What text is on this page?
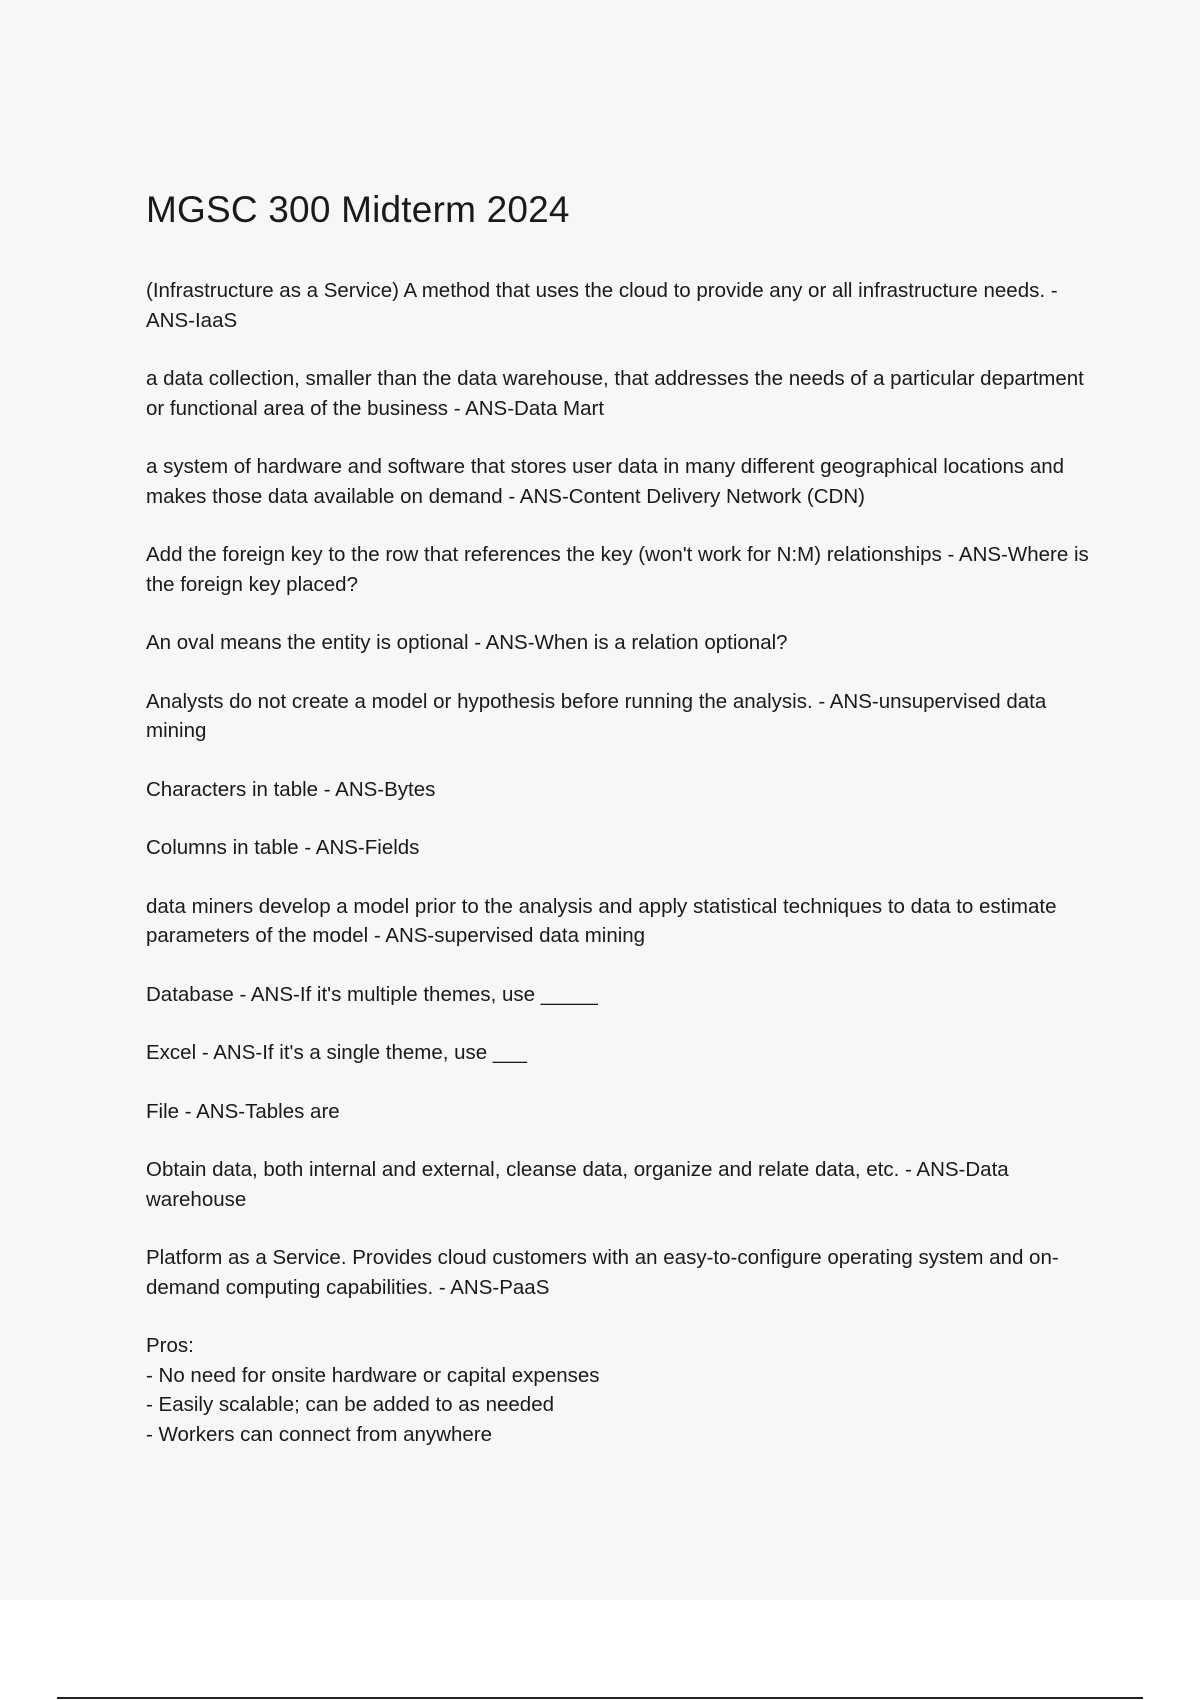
MGSC 300 Midterm 2024

(Infrastructure as a Service) A method that uses the cloud to provide any or all infrastructure needs. - ANS-IaaS

a data collection, smaller than the data warehouse, that addresses the needs of a particular department or functional area of the business - ANS-Data Mart

a system of hardware and software that stores user data in many different geographical locations and makes those data available on demand - ANS-Content Delivery Network (CDN)

Add the foreign key to the row that references the key (won't work for N:M) relationships - ANS-Where is the foreign key placed?

An oval means the entity is optional - ANS-When is a relation optional?

Analysts do not create a model or hypothesis before running the analysis. - ANS-unsupervised data mining

Characters in table - ANS-Bytes

Columns in table - ANS-Fields

data miners develop a model prior to the analysis and apply statistical techniques to data to estimate parameters of the model - ANS-supervised data mining

Database - ANS-If it's multiple themes, use _____

Excel - ANS-If it's a single theme, use ___

File - ANS-Tables are

Obtain data, both internal and external, cleanse data, organize and relate data, etc. - ANS-Data warehouse

Platform as a Service. Provides cloud customers with an easy-to-configure operating system and on-demand computing capabilities. - ANS-PaaS

Pros:
- No need for onsite hardware or capital expenses
- Easily scalable; can be added to as needed
- Workers can connect from anywhere
